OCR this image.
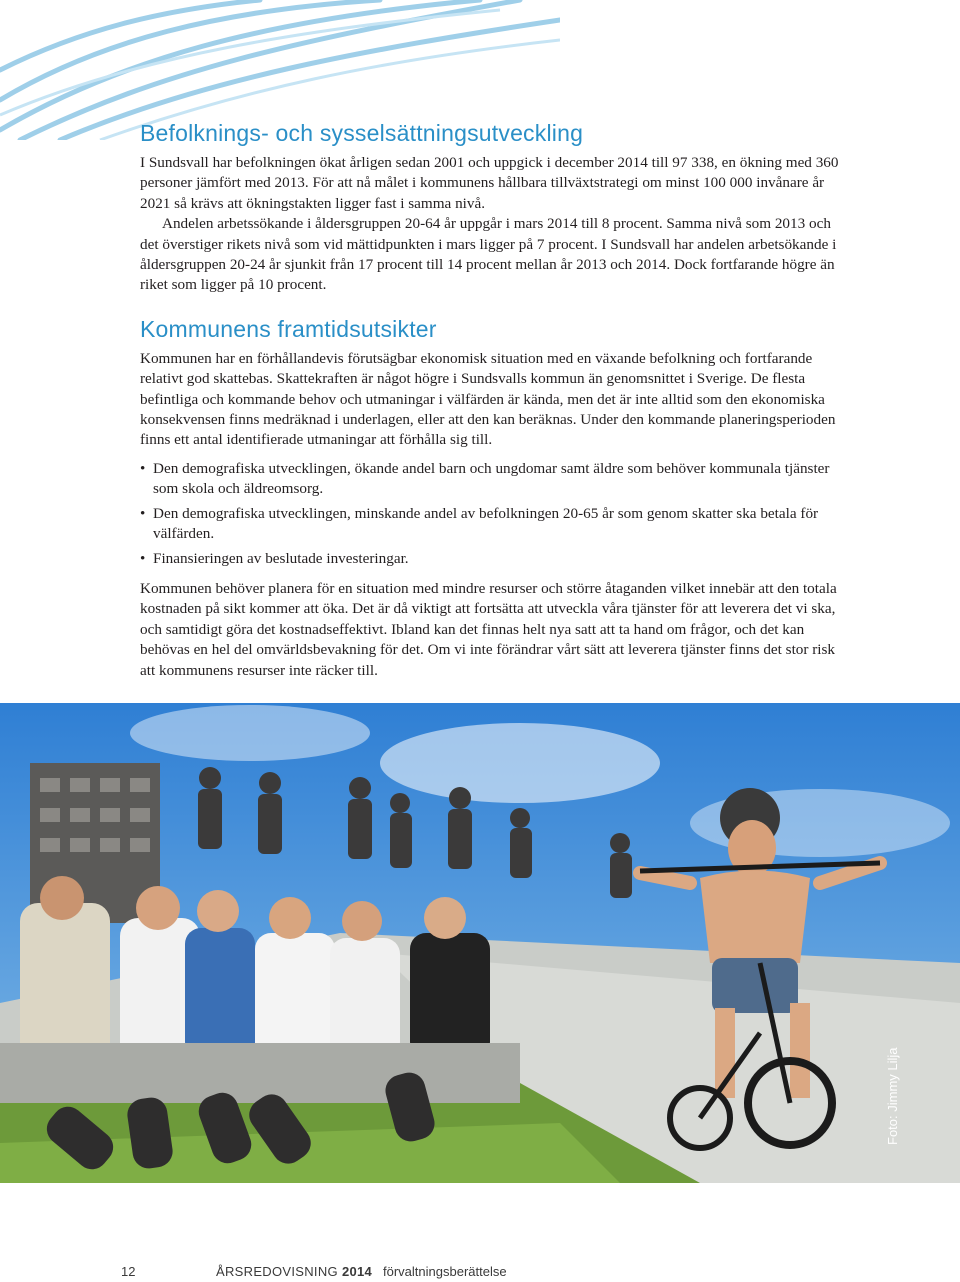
Befolknings- och sysselsättningsutveckling

I Sundsvall har befolkningen ökat årligen sedan 2001 och uppgick i december 2014 till 97 338, en ökning med 360 personer jämfört med 2013. För att nå målet i kommunens hållbara tillväxtstrategi om minst 100 000 invånare år 2021 så krävs att ökningstakten ligger fast i samma nivå.

Andelen arbetssökande i åldersgruppen 20-64 år uppgår i mars 2014 till 8 procent. Samma nivå som 2013 och det överstiger rikets nivå som vid mättidpunkten i mars ligger på 7 procent. I Sundsvall har andelen arbetsökande i åldersgruppen 20-24 år sjunkit från 17 procent till 14 procent mellan år 2013 och 2014. Dock fortfarande högre än riket som ligger på 10 procent.

Kommunens framtidsutsikter

Kommunen har en förhållandevis förutsägbar ekonomisk situation med en växande befolkning och fortfarande relativt god skattebas. Skattekraften är något högre i Sundsvalls kommun än genomsnittet i Sverige. De flesta befintliga och kommande behov och utmaningar i välfärden är kända, men det är inte alltid som den ekonomiska konsekvensen finns medräknad i underlagen, eller att den kan beräknas. Under den kommande planeringsperioden finns ett antal identifierade utmaningar att förhålla sig till.

• Den demografiska utvecklingen, ökande andel barn och ungdomar samt äldre som behöver kommunala tjänster som skola och äldreomsorg.
• Den demografiska utvecklingen, minskande andel av befolkningen 20-65 år som genom skatter ska betala för välfärden.
• Finansieringen av beslutade investeringar.

Kommunen behöver planera för en situation med mindre resurser och större åtaganden vilket innebär att den totala kostnaden på sikt kommer att öka. Det är då viktigt att fortsätta att utveckla våra tjänster för att leverera det vi ska, och samtidigt göra det kostnadseffektivt. Ibland kan det finnas helt nya satt att ta hand om frågor, och det kan behövas en hel del omvärldsbevakning för det. Om vi inte förändrar vårt sätt att leverera tjänster finns det stor risk att kommunens resurser inte räcker till.

Foto: Jimmy Lilja
12	ÅRSREDOVISNING 2014 förvaltningsberättelse
